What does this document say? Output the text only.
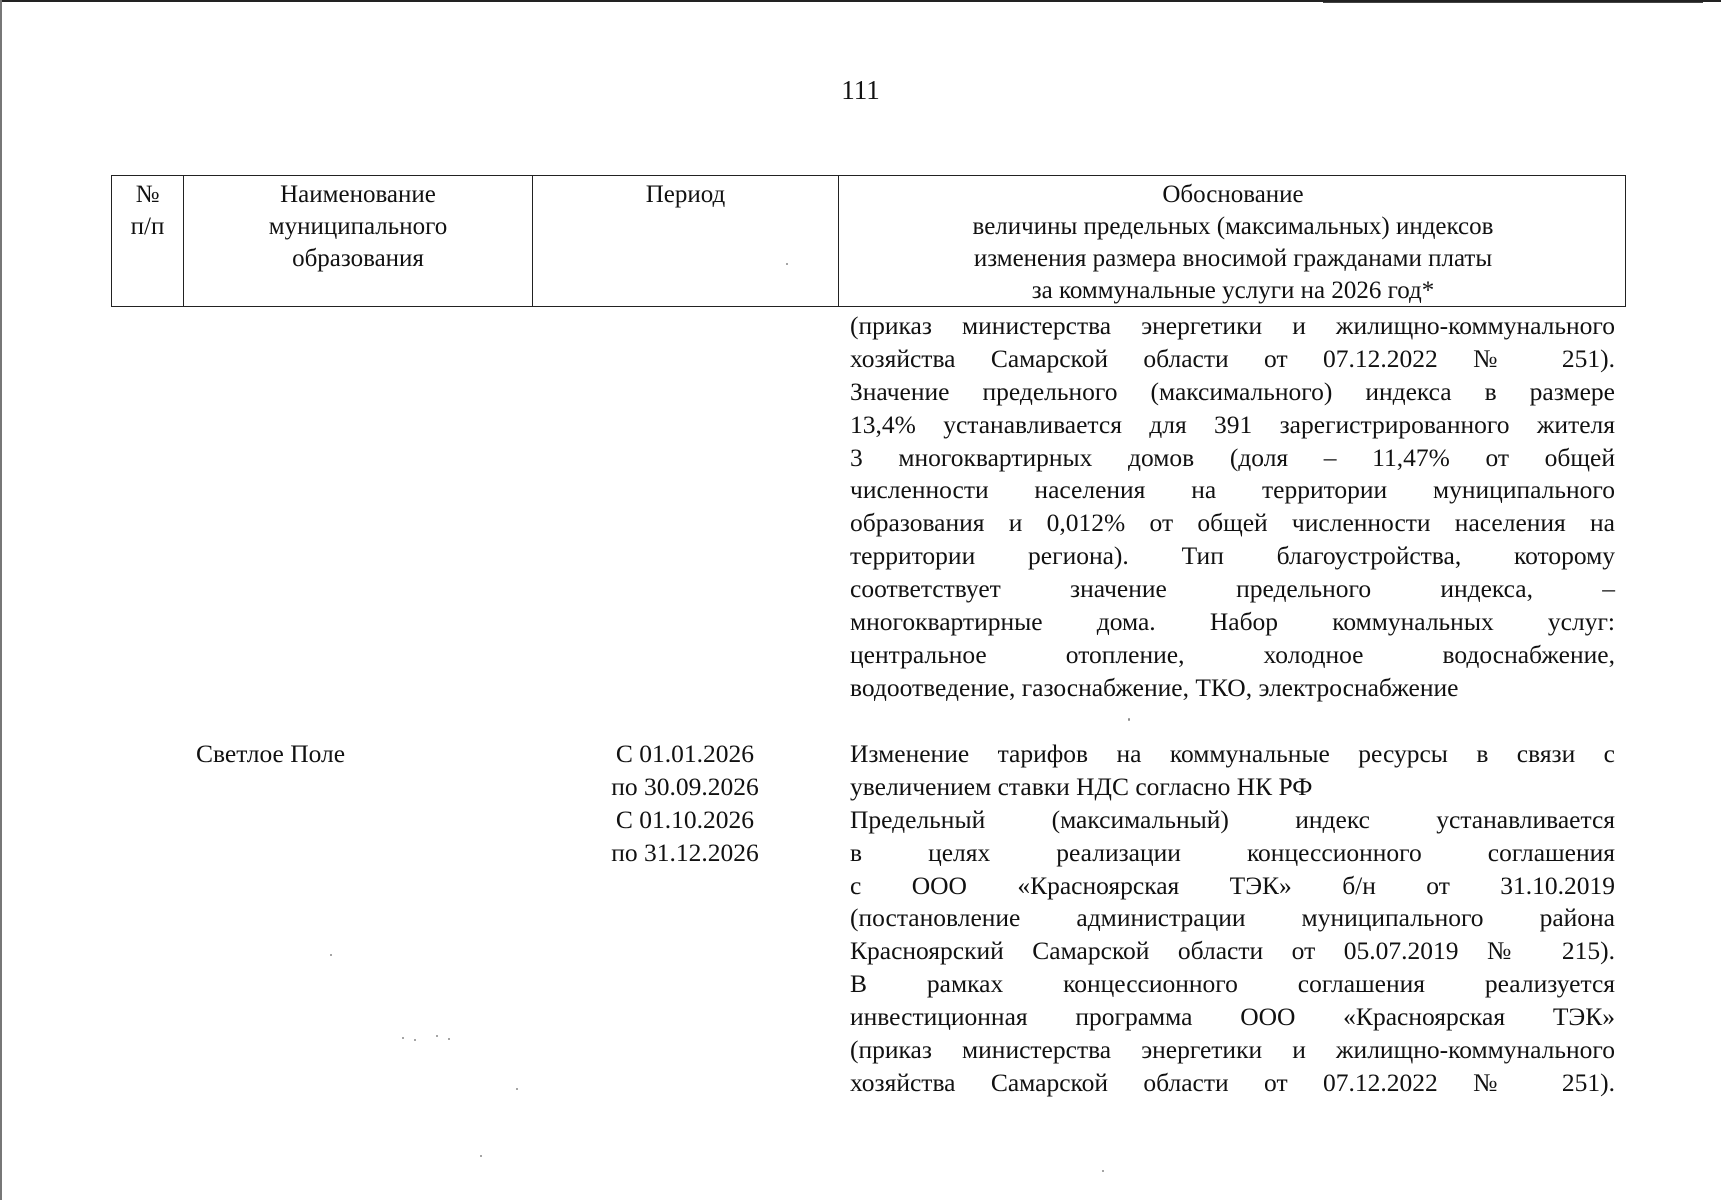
111
№
п/п
Наименование
муниципального
образования
Период	Обоснование
величины предельных (максимальных) индексов
изменения размера вносимой гражданами платы
за коммунальные услуги на 2026 год*
(приказ министерства энергетики и жилищно-коммунального
хозяйства Самарской области от 07.12.2022 № 251).
Значение предельного (максимального) индекса в размере
13,4% устанавливается для 391 зарегистрированного жителя
3 многоквартирных домов (доля – 11,47% от общей
численности населения на территории муниципального
образования и 0,012% от общей численности населения на
территории региона). Тип благоустройства, которому
соответствует значение предельного индекса, –
многоквартирные дома. Набор коммунальных услуг:
центральное отопление, холодное водоснабжение,
водоотведение, газоснабжение, ТКО, электроснабжение
Светлое Поле	С 01.01.2026
по 30.09.2026
С 01.10.2026
по 31.12.2026
Изменение тарифов на коммунальные ресурсы в связи с
увеличением ставки НДС согласно НК РФ
Предельный (максимальный) индекс устанавливается
в целях реализации концессионного соглашения
с ООО «Красноярская ТЭК» б/н от 31.10.2019
(постановление администрации муниципального района
Красноярский Самарской области от 05.07.2019 № 215).
В рамках концессионного соглашения реализуется
инвестиционная программа ООО «Красноярская ТЭК»
(приказ министерства энергетики и жилищно-коммунального
хозяйства Самарской области от 07.12.2022 № 251).
